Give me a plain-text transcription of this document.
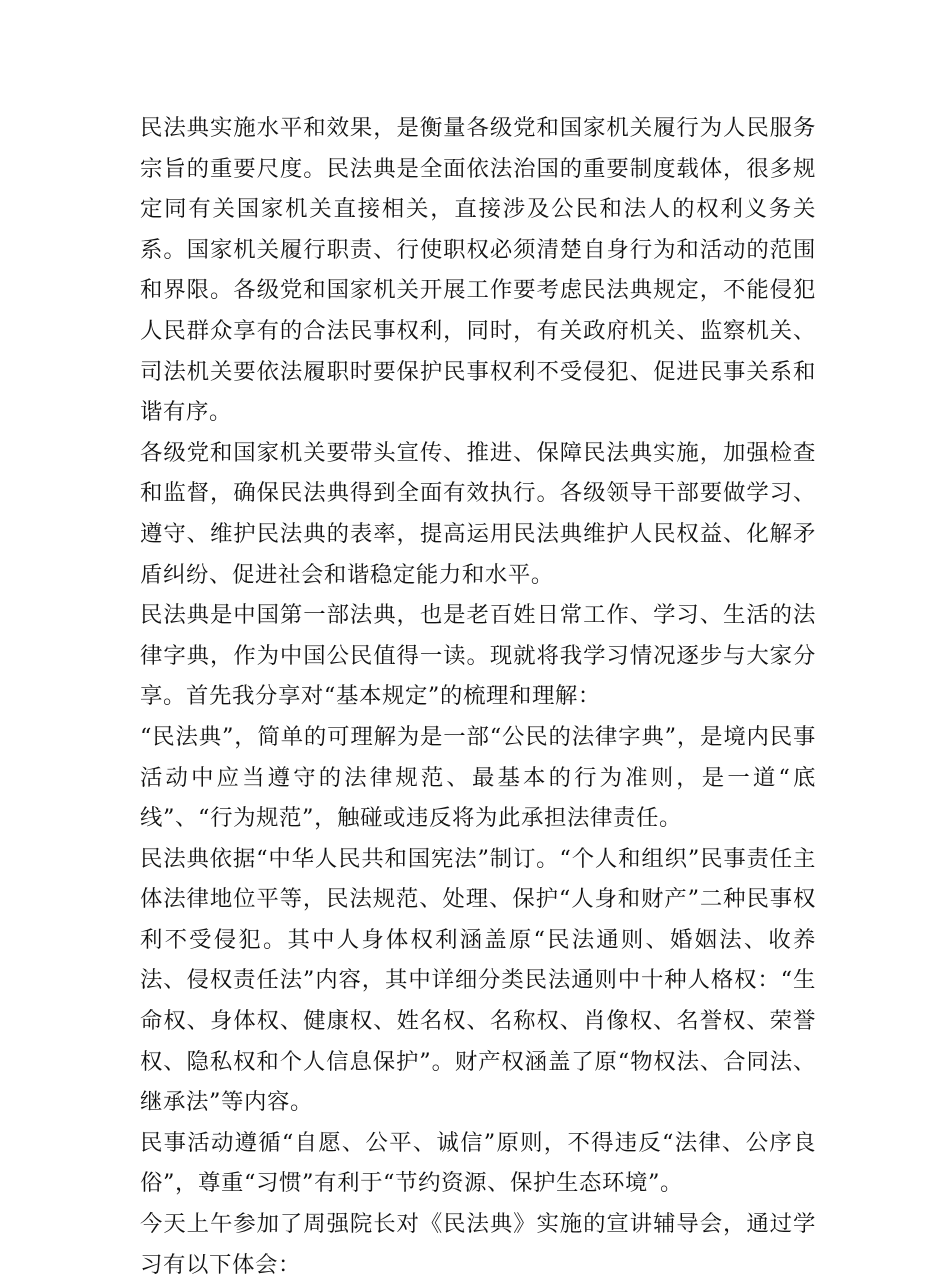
民法典实施水平和效果，是衡量各级党和国家机关履行为人民服务宗旨的重要尺度。民法典是全面依法治国的重要制度载体，很多规定同有关国家机关直接相关，直接涉及公民和法人的权利义务关系。国家机关履行职责、行使职权必须清楚自身行为和活动的范围和界限。各级党和国家机关开展工作要考虑民法典规定，不能侵犯人民群众享有的合法民事权利，同时，有关政府机关、监察机关、司法机关要依法履职时要保护民事权利不受侵犯、促进民事关系和谐有序。

各级党和国家机关要带头宣传、推进、保障民法典实施，加强检查和监督，确保民法典得到全面有效执行。各级领导干部要做学习、遵守、维护民法典的表率，提高运用民法典维护人民权益、化解矛盾纠纷、促进社会和谐稳定能力和水平。

民法典是中国第一部法典，也是老百姓日常工作、学习、生活的法律字典，作为中国公民值得一读。现就将我学习情况逐步与大家分享。首先我分享对“基本规定”的梳理和理解：

“民法典”，简单的可理解为是一部“公民的法律字典”，是境内民事活动中应当遵守的法律规范、最基本的行为准则，是一道“底线”、“行为规范”，触碰或违反将为此承担法律责任。

民法典依据“中华人民共和国宪法”制订。“个人和组织”民事责任主体法律地位平等，民法规范、处理、保护“人身和财产”二种民事权利不受侵犯。其中人身体权利涵盖原“民法通则、婚姻法、收养法、侵权责任法”内容，其中详细分类民法通则中十种人格权：“生命权、身体权、健康权、姓名权、名称权、肖像权、名誉权、荣誉权、隐私权和个人信息保护”。财产权涵盖了原“物权法、合同法、继承法”等内容。

民事活动遵循“自愿、公平、诚信”原则，不得违反“法律、公序良俗”，尊重“习惯”有利于“节约资源、保护生态环境”。

今天上午参加了周强院长对《民法典》实施的宣讲辅导会，通过学习有以下体会：
